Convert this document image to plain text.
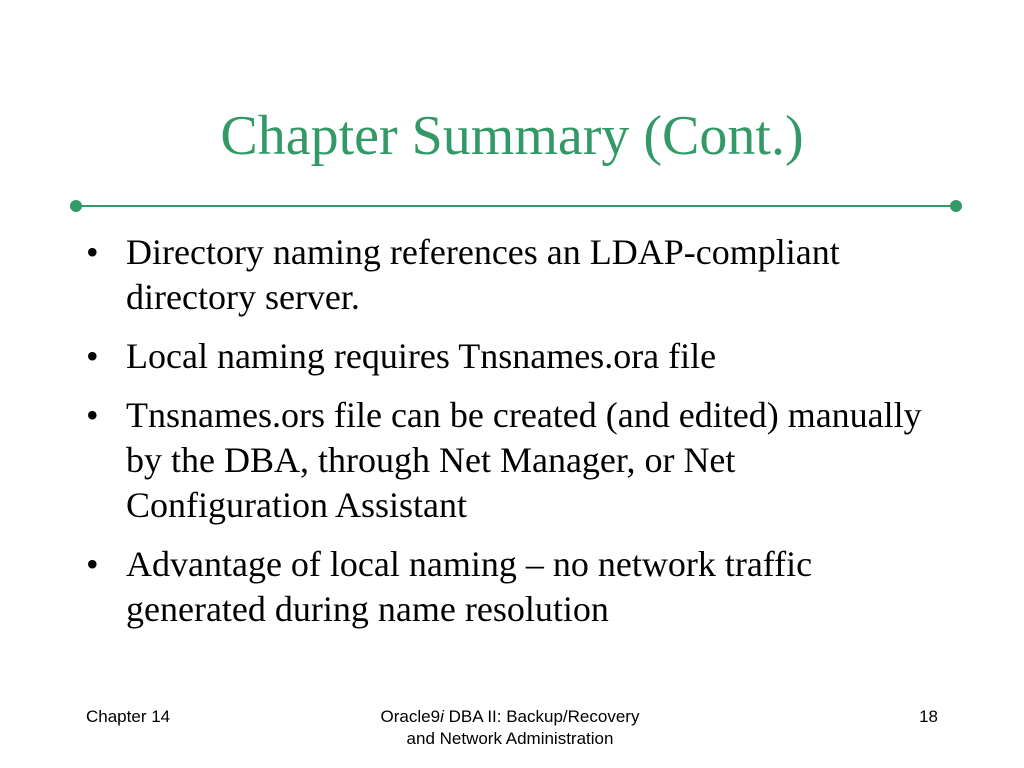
Chapter Summary (Cont.)
• Directory naming references an LDAP-compliant directory server.
• Local naming requires Tnsnames.ora file
• Tnsnames.ors file can be created (and edited) manually by the DBA, through Net Manager, or Net Configuration Assistant
• Advantage of local naming – no network traffic generated during name resolution
Chapter 14	Oracle9i DBA II: Backup/Recovery
and Network Administration
18
